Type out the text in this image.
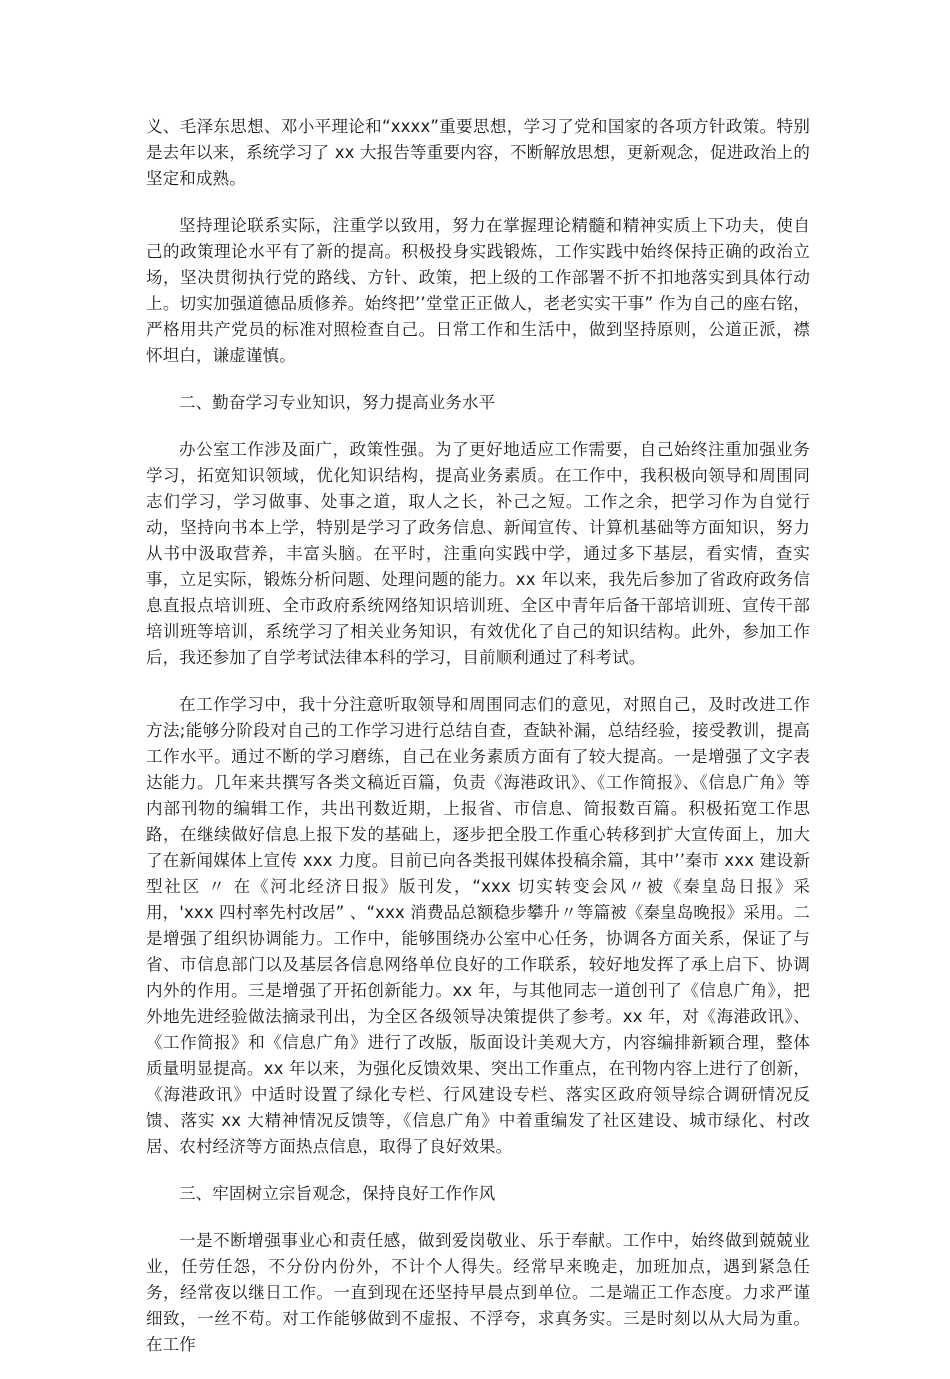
义、毛泽东思想、邓小平理论和“xxxx”重要思想，学习了党和国家的各项方针政策。特别是去年以来，系统学习了 xx 大报告等重要内容，不断解放思想，更新观念，促进政治上的坚定和成熟。

坚持理论联系实际，注重学以致用，努力在掌握理论精髓和精神实质上下功夫，使自己的政策理论水平有了新的提高。积极投身实践锻炼，工作实践中始终保持正确的政治立场，坚决贯彻执行党的路线、方针、政策，把上级的工作部署不折不扣地落实到具体行动上。切实加强道德品质修养。始终把’’堂堂正正做人，老老实实干事” 作为自己的座右铭，严格用共产党员的标准对照检查自己。日常工作和生活中，做到坚持原则，公道正派，襟怀坦白，谦虚谨慎。

二、勤奋学习专业知识，努力提高业务水平

办公室工作涉及面广，政策性强。为了更好地适应工作需要，自己始终注重加强业务学习，拓宽知识领域，优化知识结构，提高业务素质。在工作中，我积极向领导和周围同志们学习，学习做事、处事之道，取人之长，补己之短。工作之余，把学习作为自觉行动，坚持向书本上学，特别是学习了政务信息、新闻宣传、计算机基础等方面知识，努力从书中汲取营养，丰富头脑。在平时，注重向实践中学，通过多下基层，看实情，查实事，立足实际，锻炼分析问题、处理问题的能力。xx 年以来，我先后参加了省政府政务信息直报点培训班、全市政府系统网络知识培训班、全区中青年后备干部培训班、宣传干部培训班等培训，系统学习了相关业务知识，有效优化了自己的知识结构。此外，参加工作后，我还参加了自学考试法律本科的学习，目前顺利通过了科考试。

在工作学习中，我十分注意听取领导和周围同志们的意见，对照自己，及时改进工作方法;能够分阶段对自己的工作学习进行总结自查，查缺补漏，总结经验，接受教训，提高工作水平。通过不断的学习磨练，自己在业务素质方面有了较大提高。一是增强了文字表达能力。几年来共撰写各类文稿近百篇，负责《海港政讯》、《工作简报》、《信息广角》等内部刊物的编辑工作，共出刊数近期，上报省、市信息、简报数百篇。积极拓宽工作思路，在继续做好信息上报下发的基础上，逐步把全股工作重心转移到扩大宣传面上，加大了在新闻媒体上宣传 xxx 力度。目前已向各类报刊媒体投稿余篇，其中’’秦市 xxx 建设新型社区 〃 在《河北经济日报》版刊发，“xxx 切实转变会风〃被《秦皇岛日报》采用，'xxx 四村率先村改居” 、“xxx 消费品总额稳步攀升〃等篇被《秦皇岛晚报》采用。二是增强了组织协调能力。工作中，能够围绕办公室中心任务，协调各方面关系，保证了与省、市信息部门以及基层各信息网络单位良好的工作联系，较好地发挥了承上启下、协调内外的作用。三是增强了开拓创新能力。xx 年，与其他同志一道创刊了《信息广角》，把外地先进经验做法摘录刊出，为全区各级领导决策提供了参考。xx 年，对《海港政讯》、《工作简报》和《信息广角》进行了改版，版面设计美观大方，内容编排新颖合理，整体质量明显提高。xx 年以来，为强化反馈效果、突出工作重点，在刊物内容上进行了创新，《海港政讯》中适时设置了绿化专栏、行风建设专栏、落实区政府领导综合调研情况反馈、落实 xx 大精神情况反馈等，《信息广角》中着重编发了社区建设、城市绿化、村改居、农村经济等方面热点信息，取得了良好效果。

三、牢固树立宗旨观念，保持良好工作作风

一是不断增强事业心和责任感，做到爱岗敬业、乐于奉献。工作中，始终做到兢兢业业，任劳任怨，不分份内份外，不计个人得失。经常早来晚走，加班加点，遇到紧急任务，经常夜以继日工作。一直到现在还坚持早晨点到单位。二是端正工作态度。力求严谨细致，一丝不苟。对工作能够做到不虚报、不浮夸，求真务实。三是时刻以从大局为重。在工作
